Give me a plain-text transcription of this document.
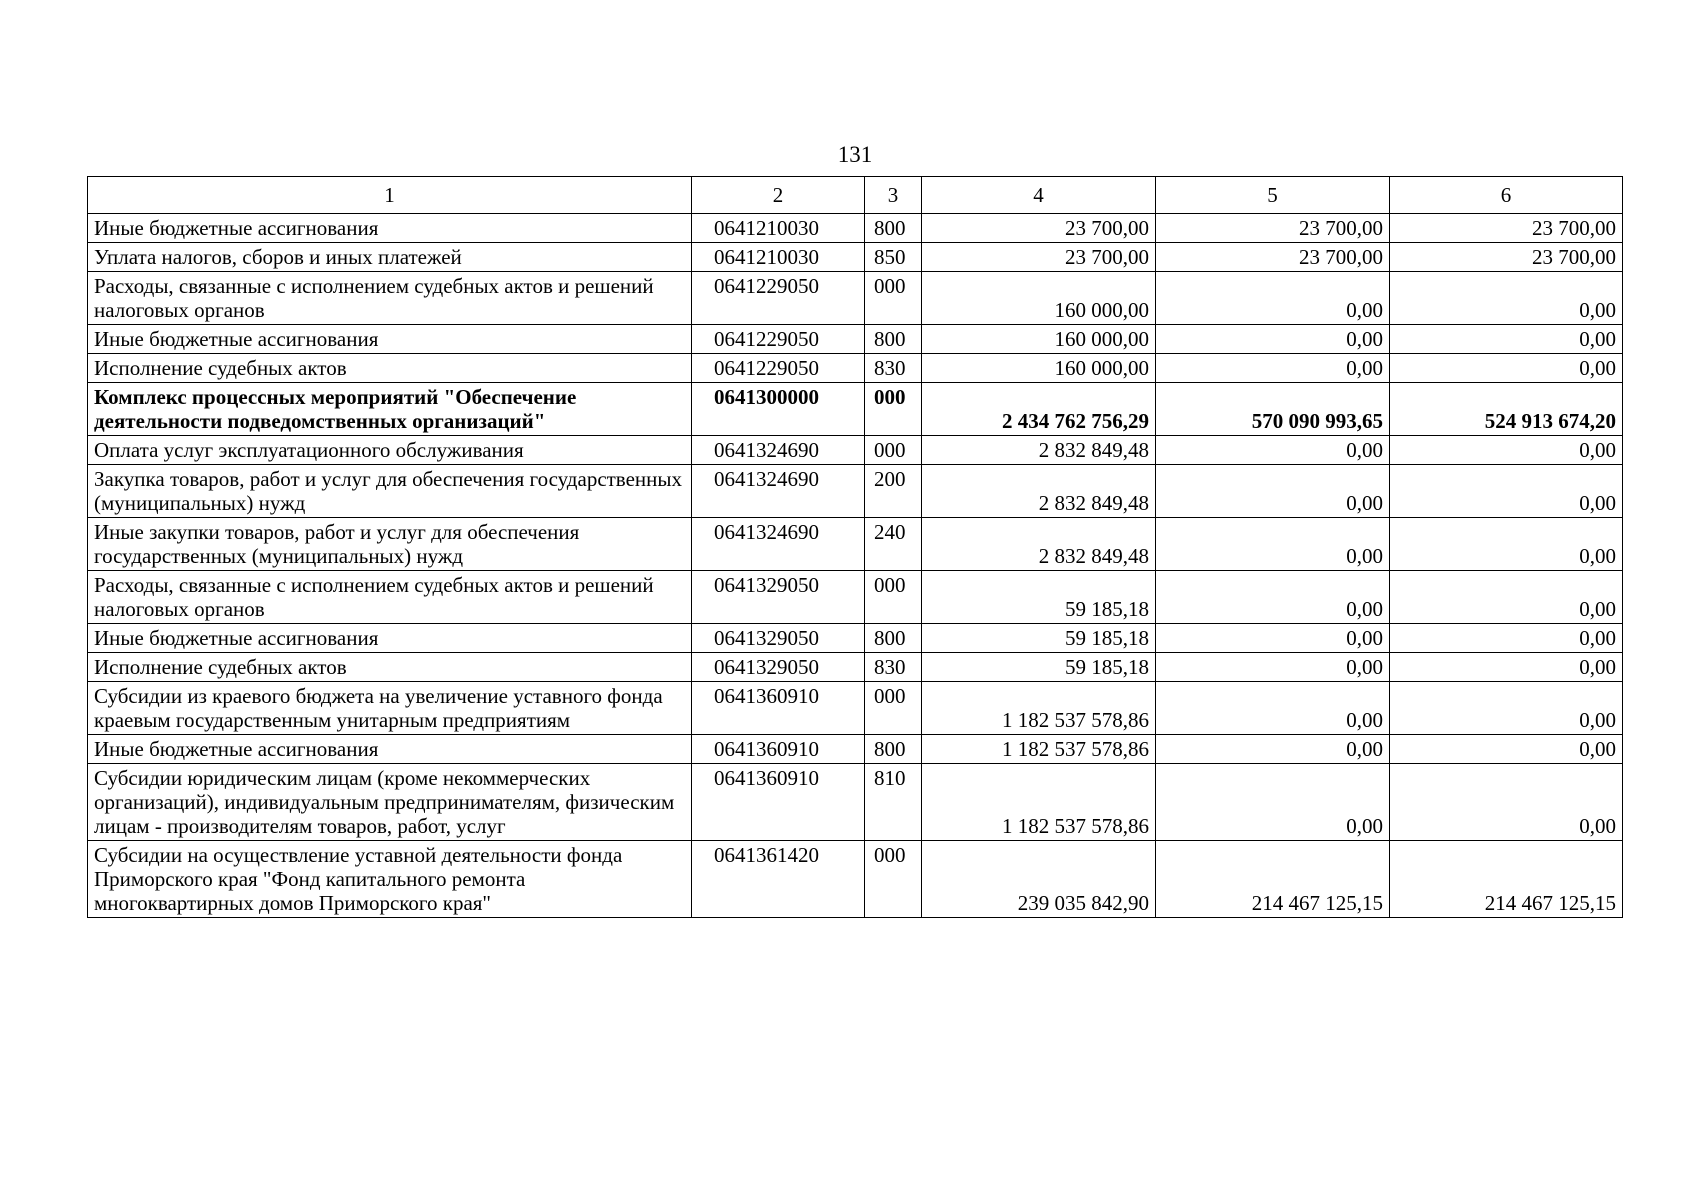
131
1	2	3	4	5	6
Иные бюджетные ассигнования	0641210030	800	23 700,00	23 700,00	23 700,00
Уплата налогов, сборов и иных платежей	0641210030	850	23 700,00	23 700,00	23 700,00
Расходы, связанные с исполнением судебных актов и решений налоговых органов	0641229050	000	160 000,00	0,00	0,00
Иные бюджетные ассигнования	0641229050	800	160 000,00	0,00	0,00
Исполнение судебных актов	0641229050	830	160 000,00	0,00	0,00
Комплекс процессных мероприятий "Обеспечение деятельности подведомственных организаций"	0641300000	000	2 434 762 756,29	570 090 993,65	524 913 674,20
Оплата услуг эксплуатационного обслуживания	0641324690	000	2 832 849,48	0,00	0,00
Закупка товаров, работ и услуг для обеспечения государственных (муниципальных) нужд	0641324690	200	2 832 849,48	0,00	0,00
Иные закупки товаров, работ и услуг для обеспечения государственных (муниципальных) нужд	0641324690	240	2 832 849,48	0,00	0,00
Расходы, связанные с исполнением судебных актов и решений налоговых органов	0641329050	000	59 185,18	0,00	0,00
Иные бюджетные ассигнования	0641329050	800	59 185,18	0,00	0,00
Исполнение судебных актов	0641329050	830	59 185,18	0,00	0,00
Субсидии из краевого бюджета на увеличение уставного фонда краевым государственным унитарным предприятиям	0641360910	000	1 182 537 578,86	0,00	0,00
Иные бюджетные ассигнования	0641360910	800	1 182 537 578,86	0,00	0,00
Субсидии юридическим лицам (кроме некоммерческих организаций), индивидуальным предпринимателям, физическим лицам - производителям товаров, работ, услуг	0641360910	810	1 182 537 578,86	0,00	0,00
Субсидии на осуществление уставной деятельности фонда Приморского края "Фонд капитального ремонта многоквартирных домов Приморского края"	0641361420	000	239 035 842,90	214 467 125,15	214 467 125,15
